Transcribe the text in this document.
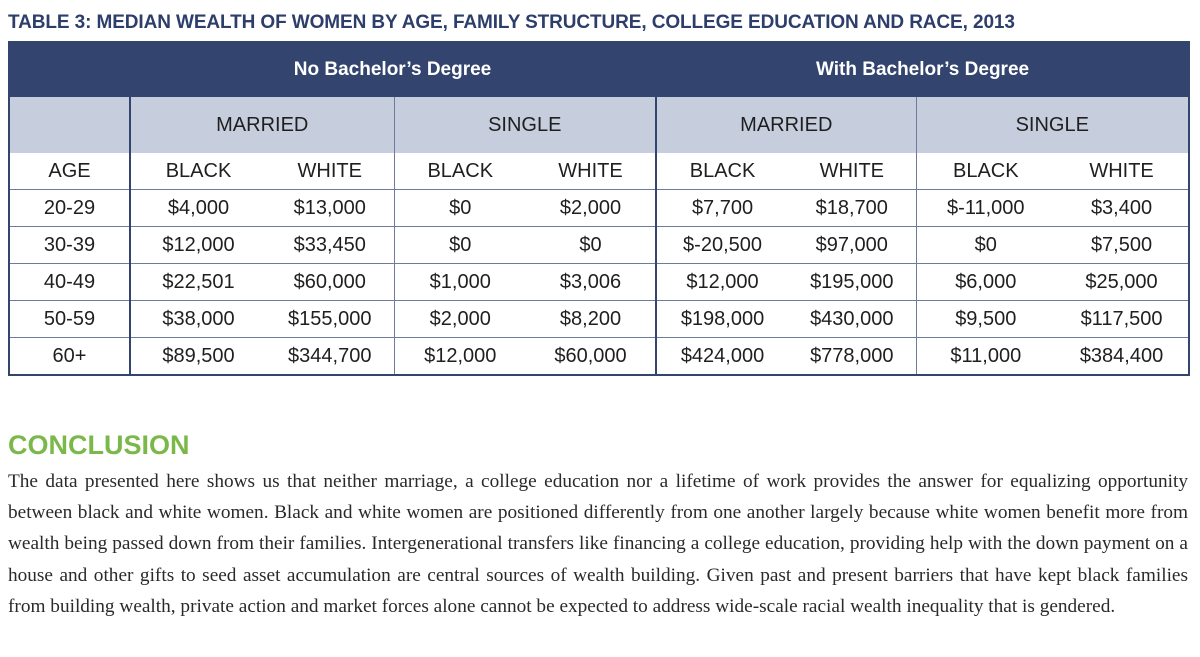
TABLE 3: MEDIAN WEALTH OF WOMEN BY AGE, FAMILY STRUCTURE, COLLEGE EDUCATION AND RACE, 2013
	No Bachelor’s Degree				With Bachelor’s Degree			
	MARRIED		SINGLE		MARRIED		SINGLE	
AGE	BLACK	WHITE	BLACK	WHITE	BLACK	WHITE	BLACK	WHITE
20-29	$4,000	$13,000	$0	$2,000	$7,700	$18,700	$-11,000	$3,400
30-39	$12,000	$33,450	$0	$0	$-20,500	$97,000	$0	$7,500
40-49	$22,501	$60,000	$1,000	$3,006	$12,000	$195,000	$6,000	$25,000
50-59	$38,000	$155,000	$2,000	$8,200	$198,000	$430,000	$9,500	$117,500
60+	$89,500	$344,700	$12,000	$60,000	$424,000	$778,000	$11,000	$384,400
CONCLUSION

The data presented here shows us that neither marriage, a college education nor a lifetime of work provides the answer for equalizing opportunity between black and white women. Black and white women are positioned differently from one another largely because white women benefit more from wealth being passed down from their families. Intergenerational transfers like financing a college education, providing help with the down payment on a house and other gifts to seed asset accumulation are central sources of wealth building. Given past and present barriers that have kept black families from building wealth, private action and market forces alone cannot be expected to address wide-scale racial wealth inequality that is gendered.
